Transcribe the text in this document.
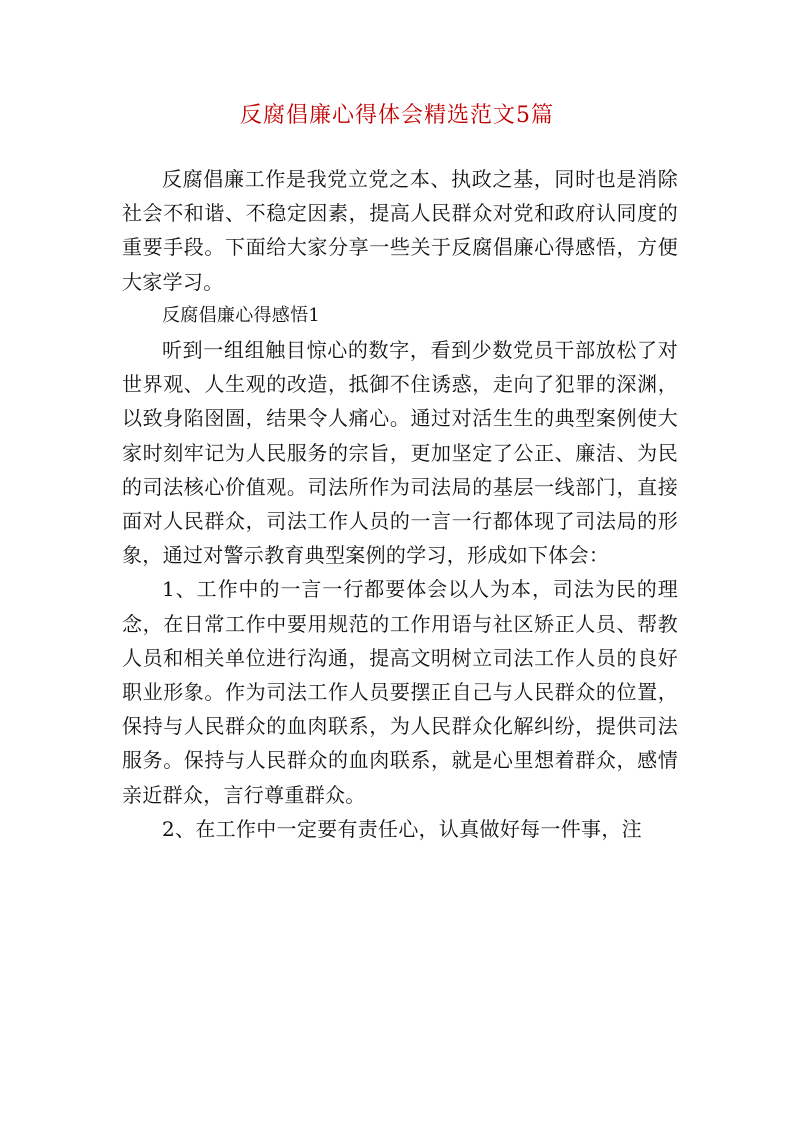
反腐倡廉心得体会精选范文5篇

反腐倡廉工作是我党立党之本、执政之基，同时也是消除社会不和谐、不稳定因素，提高人民群众对党和政府认同度的重要手段。下面给大家分享一些关于反腐倡廉心得感悟，方便大家学习。

反腐倡廉心得感悟1

听到一组组触目惊心的数字，看到少数党员干部放松了对世界观、人生观的改造，抵御不住诱惑，走向了犯罪的深渊，以致身陷囹圄，结果令人痛心。通过对活生生的典型案例使大家时刻牢记为人民服务的宗旨，更加坚定了公正、廉洁、为民的司法核心价值观。司法所作为司法局的基层一线部门，直接面对人民群众，司法工作人员的一言一行都体现了司法局的形象，通过对警示教育典型案例的学习，形成如下体会：

1、工作中的一言一行都要体会以人为本，司法为民的理念，在日常工作中要用规范的工作用语与社区矫正人员、帮教人员和相关单位进行沟通，提高文明树立司法工作人员的良好职业形象。作为司法工作人员要摆正自己与人民群众的位置，保持与人民群众的血肉联系，为人民群众化解纠纷，提供司法服务。保持与人民群众的血肉联系，就是心里想着群众，感情亲近群众，言行尊重群众。

2、在工作中一定要有责任心，认真做好每一件事，注
